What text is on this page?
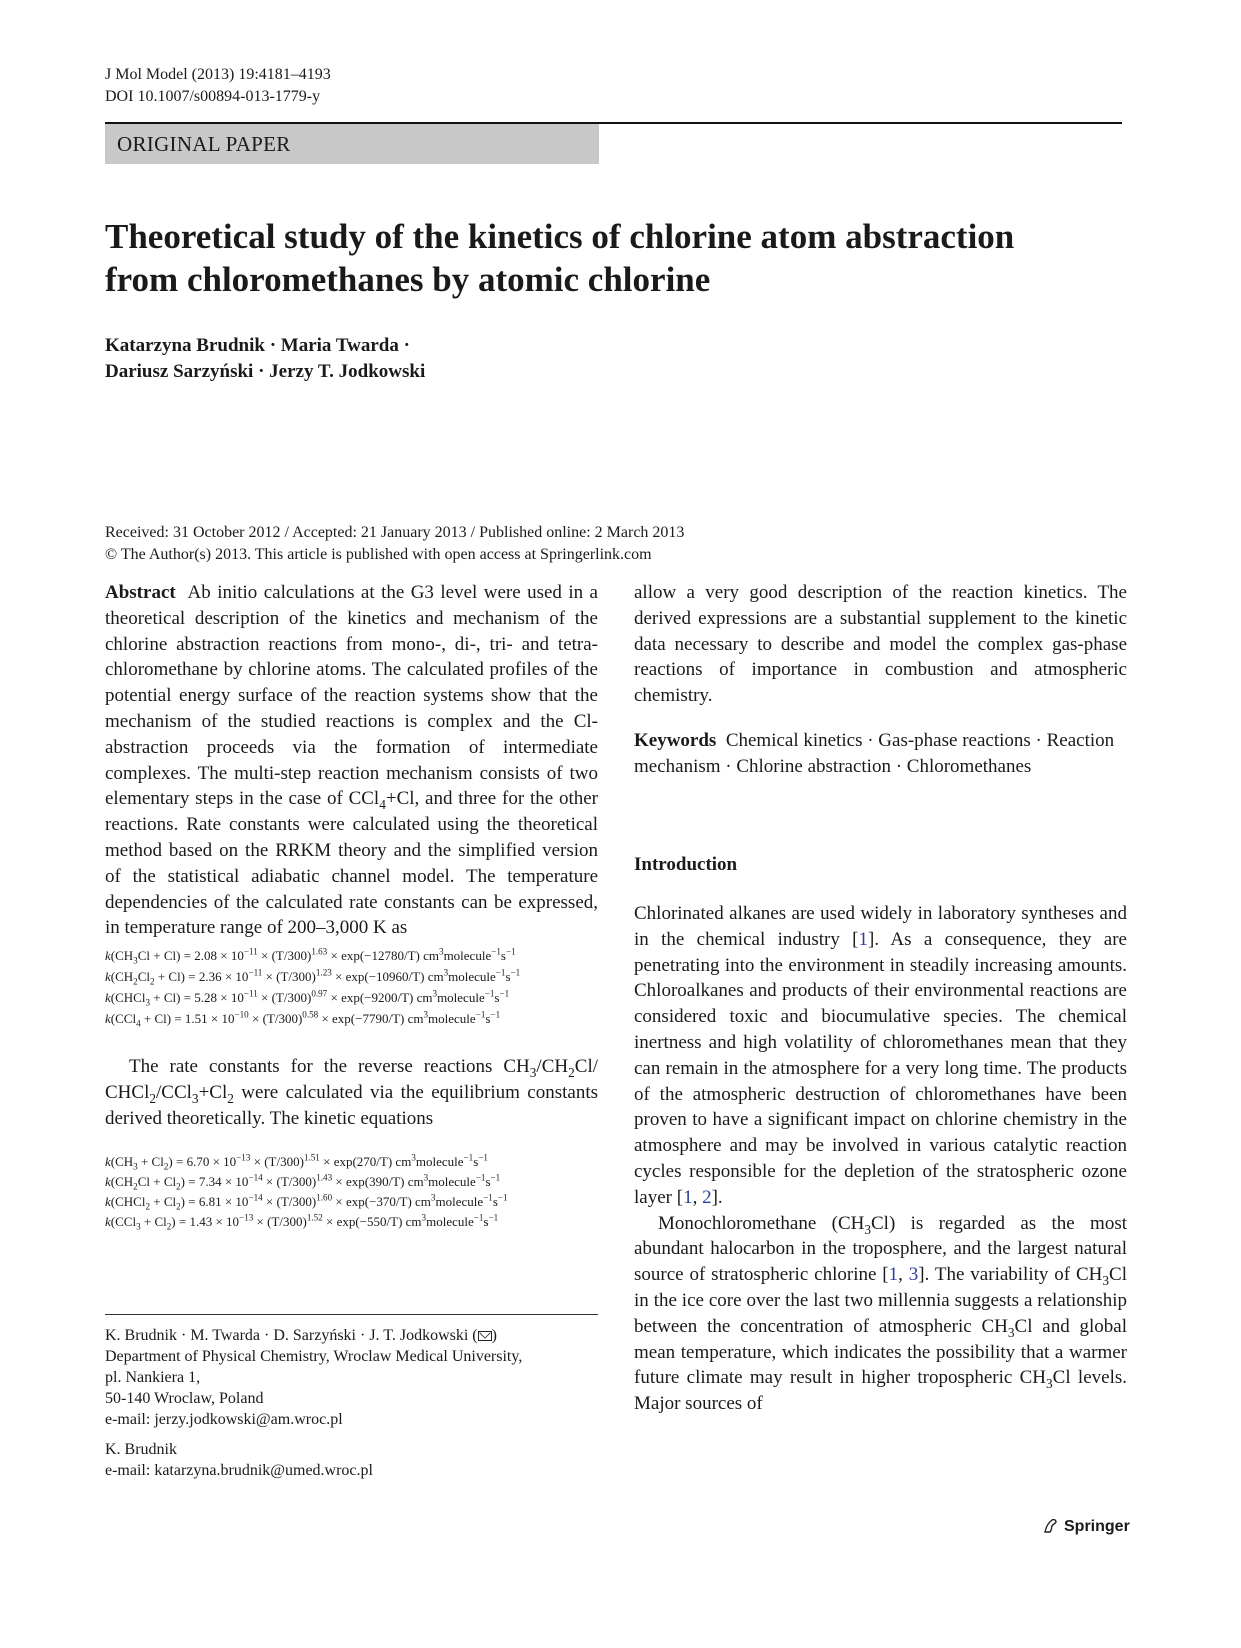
J Mol Model (2013) 19:4181–4193
DOI 10.1007/s00894-013-1779-y
ORIGINAL PAPER
Theoretical study of the kinetics of chlorine atom abstraction
from chloromethanes by atomic chlorine
Katarzyna Brudnik · Maria Twarda ·
Dariusz Sarzyński · Jerzy T. Jodkowski
Received: 31 October 2012 / Accepted: 21 January 2013 / Published online: 2 March 2013
© The Author(s) 2013. This article is published with open access at Springerlink.com

Abstract Ab initio calculations at the G3 level were used in a theoretical description of the kinetics and mechanism of the chlorine abstraction reactions from mono-, di-, tri- and tetra-chloromethane by chlorine atoms. The calculated profiles of the potential energy surface of the reaction systems show that the mechanism of the studied reactions is complex and the Cl-abstraction proceeds via the formation of intermediate complexes. The multi-step reaction mechanism consists of two elementary steps in the case of CCl$_4$+Cl, and three for the other reactions. Rate constants were calculated using the theoretical method based on the RRKM theory and the simplified version of the statistical adiabatic channel model. The temperature dependencies of the calculated rate constants can be expressed, in temperature range of 200–3,000 K as

$k(CH_3Cl + Cl) = 2.08 \times 10^{-11} \times (T/300)^{1.63} \times \exp(-12780/T)$ $cm^3molecule^{-1}s^{-1}$
$k(CH_2Cl_2 + Cl) = 2.36 \times 10^{-11} \times (T/300)^{1.23} \times \exp(-10960/T)$ $cm^3molecule^{-1}s^{-1}$
k(CHCl$_3$ + $Cl) = 5.28 \times 10^{-11} \times (T/300)^{0.97} \times \exp(-9200/T)$ $cm^3molecule^{-1}s^{-1}$
$k(CCl_4 + Cl) = 1.51 \times 10^{-10} \times (T/300)^{0.58} \times \exp(-7790/T)$ $cm^3molecule^{-1}s^{-1}$

The rate constants for the reverse reactions $CH_3/CH_2Cl/$ $CHCl_2/CCl_3+Cl_2$ were calculated via the equilibrium constants derived theoretically. The kinetic equations

$k(CH_3 + Cl_2) = 6.70 \times 10^{-13} \times (T/300)^{1.51} \times \exp(270/T)$ $cm^3molecule^{-1}s^{-1}$
$k(CH_2Cl + Cl_2) = 7.34 \times 10^{-14} \times (T/300)^{1.43} \times \exp(390/T)$ $cm^3molecule^{-1}s^{-1}$
k(CHCl$_2$ + $Cl_2) = 6.81 \times 10^{-14} \times (T/300)^{1.60} \times \exp(-370/T)$ $cm^3molecule^{-1}s^{-1}$
$k(CCl_3 + Cl_2) = 1.43 \times 10^{-13} \times (T/300)^{1.52} \times \exp(-550/T)$ $cm^3molecule^{-1}s^{-1}$
K. Brudnik · M. Twarda · D. Sarzyński · J. T. Jodkowski ( )
Department of Physical Chemistry, Wroclaw Medical University,
pl. Nankiera 1,
50-140 Wroclaw, Poland
e-mail: jerzy.jodkowski@am.wroc.pl
K. Brudnik
e-mail: katarzyna.brudnik@umed.wroc.pl

allow a very good description of the reaction kinetics. The derived expressions are a substantial supplement to the kinetic data necessary to describe and model the complex gas-phase reactions of importance in combustion and atmospheric chemistry.

Keywords Chemical kinetics · Gas-phase reactions · Reaction mechanism · Chlorine abstraction · Chloromethanes
Introduction

Chlorinated alkanes are used widely in laboratory syntheses and in the chemical industry [1]. As a consequence, they are penetrating into the environment in steadily increasing amounts. Chloroalkanes and products of their environmental reactions are considered toxic and biocumulative species. The chemical inertness and high volatility of chloromethanes mean that they can remain in the atmosphere for a very long time. The products of the atmospheric destruction of chloromethanes have been proven to have a significant impact on chlorine chemistry in the atmosphere and may be involved in various catalytic reaction cycles responsible for the depletion of the stratospheric ozone layer [1, 2].

Monochloromethane $(CH_3Cl)$ is regarded as the most abundant halocarbon in the troposphere, and the largest natural source of stratospheric chlorine [1, 3]. The variability of $CH_3Cl$ in the ice core over the last two millennia suggests a relationship between the concentration of atmospheric $CH_3Cl$ and global mean temperature, which indicates the possibility that a warmer future climate may result in higher tropospheric $CH_3Cl$ levels. Major sources of

Springer
